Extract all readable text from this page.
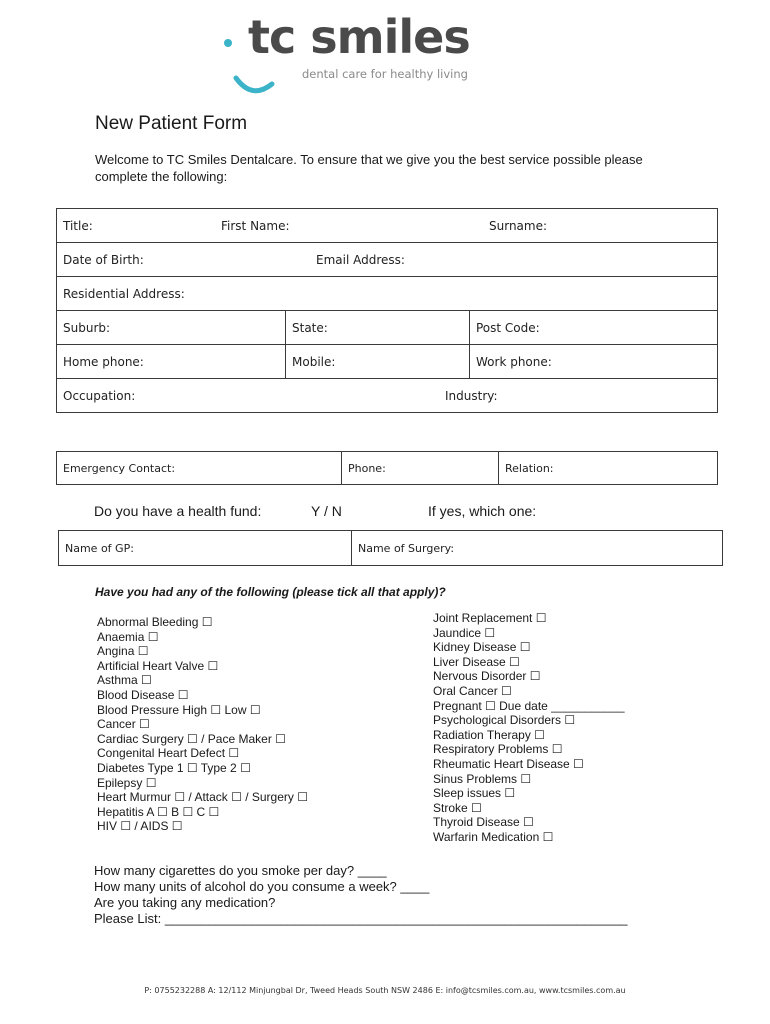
tc smiles
dental care for healthy living
New Patient Form

Welcome to TC Smiles Dentalcare. To ensure that we give you the best service possible please complete the following:

Title: First Name: Surname:		
Date of Birth: Email Address:		
Residential Address:		
Suburb:	State:	Post Code:
Home phone:	Mobile:	Work phone:
Occupation: Industry:		
Emergency Contact:	Phone:	Relation:
Do you have a health fund:	Y / N	If yes, which one:
Name of GP:	Name of Surgery:

Have you had any of the following (please tick all that apply)?

Abnormal Bleeding ☐
Anaemia ☐
Angina ☐
Artificial Heart Valve ☐
Asthma ☐
Blood Disease ☐
Blood Pressure High ☐ Low ☐
Cancer ☐
Cardiac Surgery ☐ / Pace Maker ☐
Congenital Heart Defect ☐
Diabetes Type 1 ☐ Type 2 ☐
Epilepsy ☐
Heart Murmur ☐ / Attack ☐ / Surgery ☐
Hepatitis A ☐ B ☐ C ☐
HIV ☐ / AIDS ☐
Joint Replacement ☐
Jaundice ☐
Kidney Disease ☐
Liver Disease ☐
Nervous Disorder ☐
Oral Cancer ☐
Pregnant ☐ Due date ___________
Psychological Disorders ☐
Radiation Therapy ☐
Respiratory Problems ☐
Rheumatic Heart Disease ☐
Sinus Problems ☐
Sleep issues ☐
Stroke ☐
Thyroid Disease ☐
Warfarin Medication ☐
How many cigarettes do you smoke per day? ____
How many units of alcohol do you consume a week? ____
Are you taking any medication?
Please List: ________________________________________________________________
P: 0755232288 A: 12/112 Minjungbal Dr, Tweed Heads South NSW 2486 E: info@tcsmiles.com.au, www.tcsmiles.com.au
